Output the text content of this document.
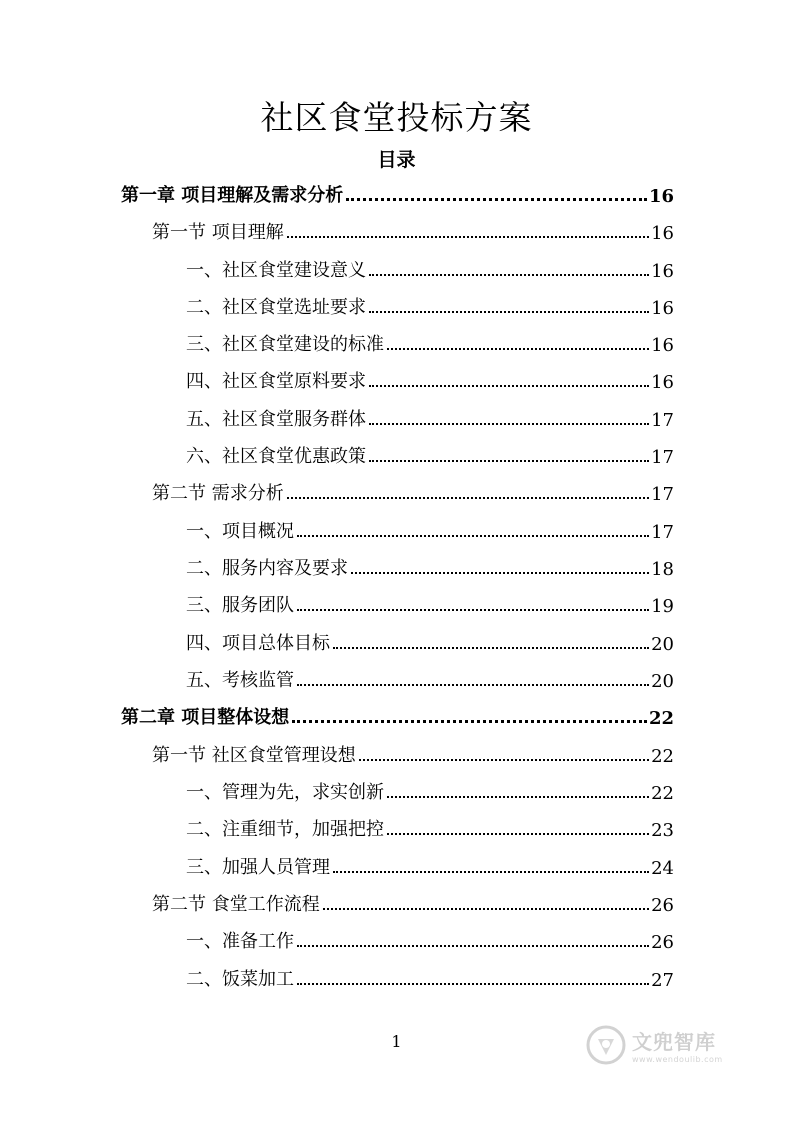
社区食堂投标方案
目录
第一章 项目理解及需求分析	16
第一节 项目理解	16
一、社区食堂建设意义	16
二、社区食堂选址要求	16
三、社区食堂建设的标准	16
四、社区食堂原料要求	16
五、社区食堂服务群体	17
六、社区食堂优惠政策	17
第二节 需求分析	17
一、项目概况	17
二、服务内容及要求	18
三、服务团队	19
四、项目总体目标	20
五、考核监管	20
第二章 项目整体设想	22
第一节 社区食堂管理设想	22
一、管理为先，求实创新	22
二、注重细节，加强把控	23
三、加强人员管理	24
第二节 食堂工作流程	26
一、准备工作	26
二、饭菜加工	27
1	文兜智库
www.wendoulib.com
